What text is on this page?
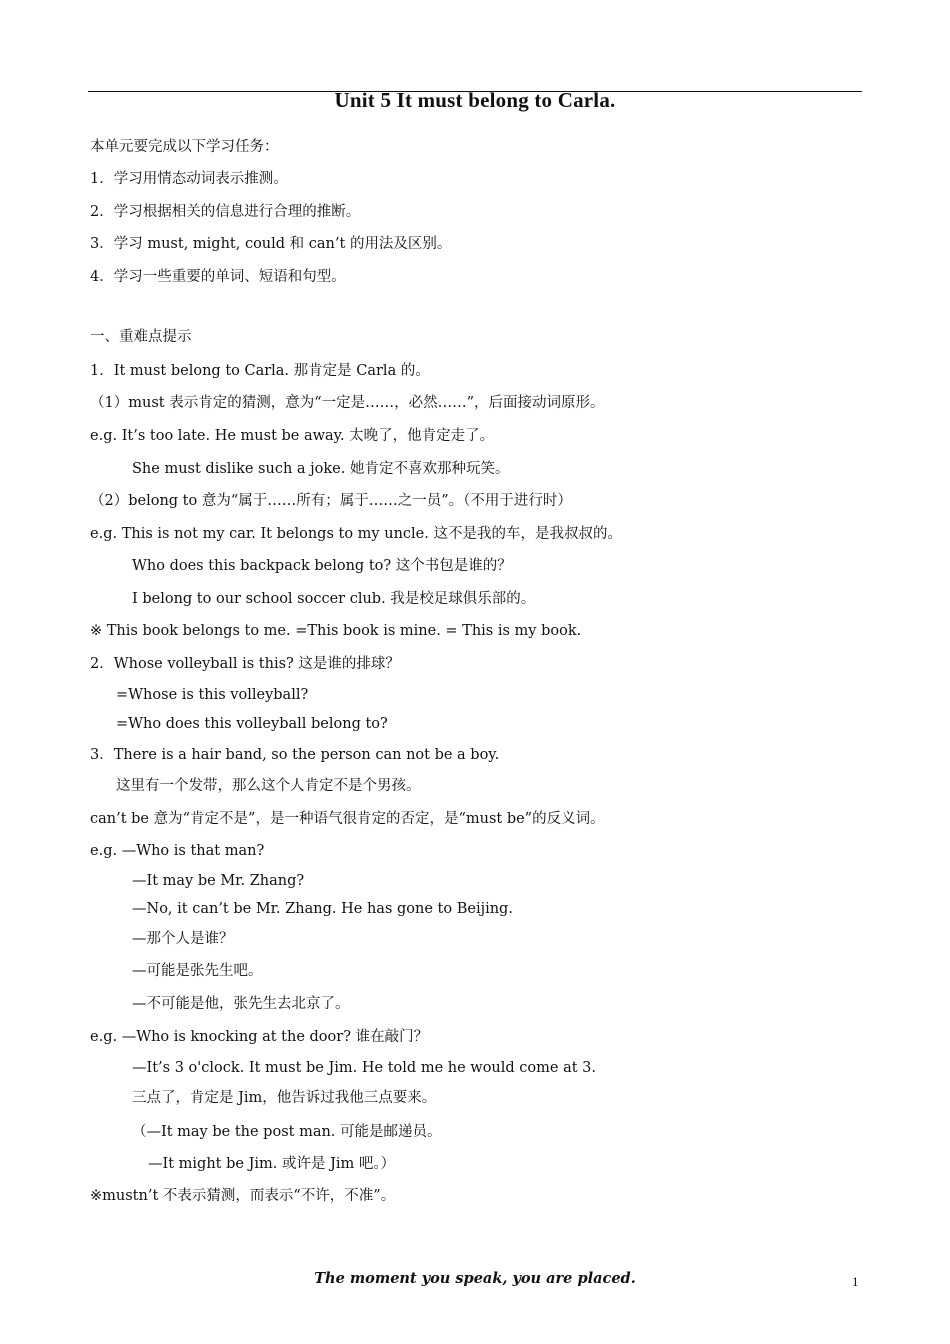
Unit 5 It must belong to Carla.
本单元要完成以下学习任务：
1．学习用情态动词表示推测。
2．学习根据相关的信息进行合理的推断。
3．学习 must, might, could 和 can’t 的用法及区别。
4．学习一些重要的单词、短语和句型。
一、重难点提示
1．It must belong to Carla. 那肯定是 Carla 的。
（1）must 表示肯定的猜测，意为“一定是……，必然……”，后面接动词原形。
e.g. It’s too late. He must be away. 太晚了，他肯定走了。
She must dislike such a joke. 她肯定不喜欢那种玩笑。
（2）belong to 意为“属于……所有；属于……之一员”。（不用于进行时）
e.g. This is not my car. It belongs to my uncle. 这不是我的车，是我叔叔的。
Who does this backpack belong to? 这个书包是谁的？
I belong to our school soccer club. 我是校足球俱乐部的。
※ This book belongs to me. =This book is mine. = This is my book.
2．Whose volleyball is this? 这是谁的排球？
=Whose is this volleyball?
=Who does this volleyball belong to?
3．There is a hair band, so the person can not be a boy.
这里有一个发带，那么这个人肯定不是个男孩。
can’t be 意为“肯定不是”，是一种语气很肯定的否定，是“must be”的反义词。
e.g. —Who is that man?
—It may be Mr. Zhang?
—No, it can’t be Mr. Zhang. He has gone to Beijing.
—那个人是谁？
—可能是张先生吧。
—不可能是他，张先生去北京了。
e.g. —Who is knocking at the door? 谁在敲门？
—It’s 3 o'clock. It must be Jim. He told me he would come at 3.
三点了，肯定是 Jim，他告诉过我他三点要来。
（—It may be the post man. 可能是邮递员。
—It might be Jim. 或许是 Jim 吧。）
※mustn’t 不表示猜测，而表示“不许，不准”。
The moment you speak, you are placed.	1
